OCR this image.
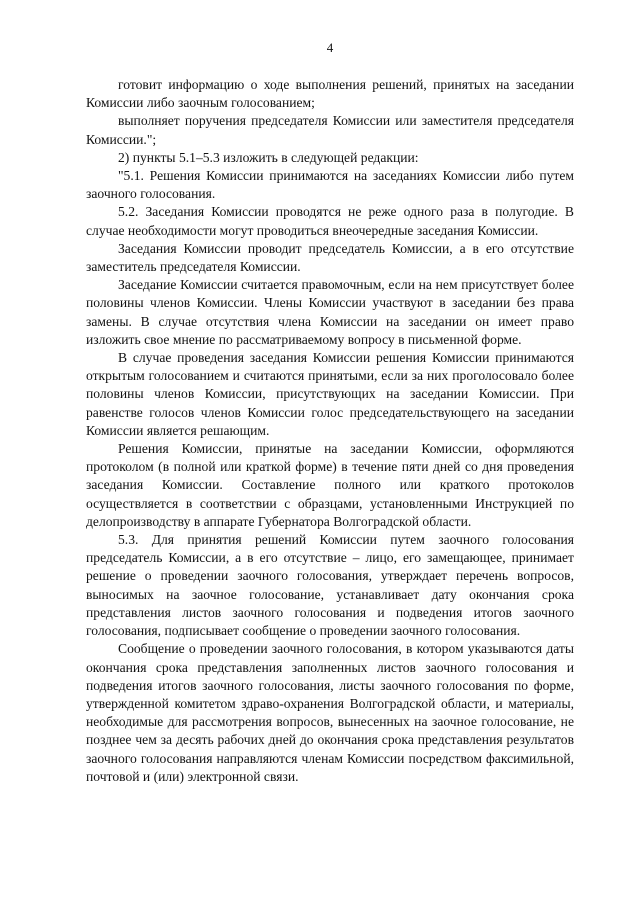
4

готовит информацию о ходе выполнения решений, принятых на заседании Комиссии либо заочным голосованием;

выполняет поручения председателя Комиссии или заместителя председателя Комиссии.";

2) пункты 5.1–5.3 изложить в следующей редакции:

"5.1. Решения Комиссии принимаются на заседаниях Комиссии либо путем заочного голосования.

5.2. Заседания Комиссии проводятся не реже одного раза в полугодие. В случае необходимости могут проводиться внеочередные заседания Комиссии.

Заседания Комиссии проводит председатель Комиссии, а в его отсутствие заместитель председателя Комиссии.

Заседание Комиссии считается правомочным, если на нем присутствует более половины членов Комиссии. Члены Комиссии участвуют в заседании без права замены. В случае отсутствия члена Комиссии на заседании он имеет право изложить свое мнение по рассматриваемому вопросу в письменной форме.

В случае проведения заседания Комиссии решения Комиссии принимаются открытым голосованием и считаются принятыми, если за них проголосовало более половины членов Комиссии, присутствующих на заседании Комиссии. При равенстве голосов членов Комиссии голос председательствующего на заседании Комиссии является решающим.

Решения Комиссии, принятые на заседании Комиссии, оформляются протоколом (в полной или краткой форме) в течение пяти дней со дня проведения заседания Комиссии. Составление полного или краткого протоколов осуществляется в соответствии с образцами, установленными Инструкцией по делопроизводству в аппарате Губернатора Волгоградской области.

5.3. Для принятия решений Комиссии путем заочного голосования председатель Комиссии, а в его отсутствие – лицо, его замещающее, принимает решение о проведении заочного голосования, утверждает перечень вопросов, выносимых на заочное голосование, устанавливает дату окончания срока представления листов заочного голосования и подведения итогов заочного голосования, подписывает сообщение о проведении заочного голосования.

Сообщение о проведении заочного голосования, в котором указываются даты окончания срока представления заполненных листов заочного голосования и подведения итогов заочного голосования, листы заочного голосования по форме, утвержденной комитетом здраво-охранения Волгоградской области, и материалы, необходимые для рассмотрения вопросов, вынесенных на заочное голосование, не позднее чем за десять рабочих дней до окончания срока представления результатов заочного голосования направляются членам Комиссии посредством факсимильной, почтовой и (или) электронной связи.
